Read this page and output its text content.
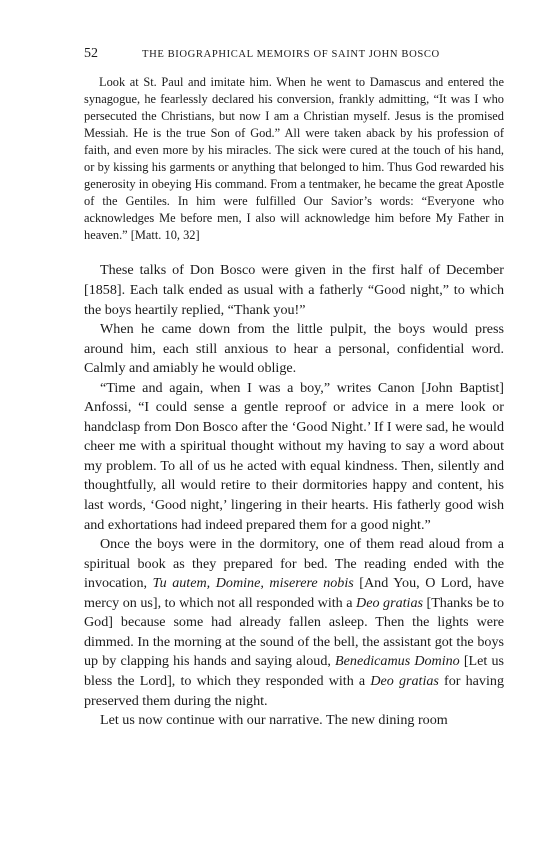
52	THE BIOGRAPHICAL MEMOIRS OF SAINT JOHN BOSCO

Look at St. Paul and imitate him. When he went to Damascus and entered the synagogue, he fearlessly declared his conversion, frankly admitting, “It was I who persecuted the Christians, but now I am a Christian myself. Jesus is the promised Messiah. He is the true Son of God.” All were taken aback by his profession of faith, and even more by his miracles. The sick were cured at the touch of his hand, or by kissing his garments or anything that belonged to him. Thus God rewarded his generosity in obeying His command. From a tentmaker, he became the great Apostle of the Gentiles. In him were fulfilled Our Savior’s words: “Everyone who acknowledges Me before men, I also will acknowledge him before My Father in heaven.” [Matt. 10, 32]

These talks of Don Bosco were given in the first half of December [1858]. Each talk ended as usual with a fatherly “Good night,” to which the boys heartily replied, “Thank you!”

When he came down from the little pulpit, the boys would press around him, each still anxious to hear a personal, confidential word. Calmly and amiably he would oblige.

“Time and again, when I was a boy,” writes Canon [John Baptist] Anfossi, “I could sense a gentle reproof or advice in a mere look or handclasp from Don Bosco after the ‘Good Night.’ If I were sad, he would cheer me with a spiritual thought without my having to say a word about my problem. To all of us he acted with equal kindness. Then, silently and thoughtfully, all would retire to their dormitories happy and content, his last words, ‘Good night,’ lingering in their hearts. His fatherly good wish and exhortations had indeed prepared them for a good night.”

Once the boys were in the dormitory, one of them read aloud from a spiritual book as they prepared for bed. The reading ended with the invocation, Tu autem, Domine, miserere nobis [And You, O Lord, have mercy on us], to which not all responded with a Deo gratias [Thanks be to God] because some had already fallen asleep. Then the lights were dimmed. In the morning at the sound of the bell, the assistant got the boys up by clapping his hands and saying aloud, Benedicamus Domino [Let us bless the Lord], to which they responded with a Deo gratias for having preserved them during the night.

Let us now continue with our narrative. The new dining room
